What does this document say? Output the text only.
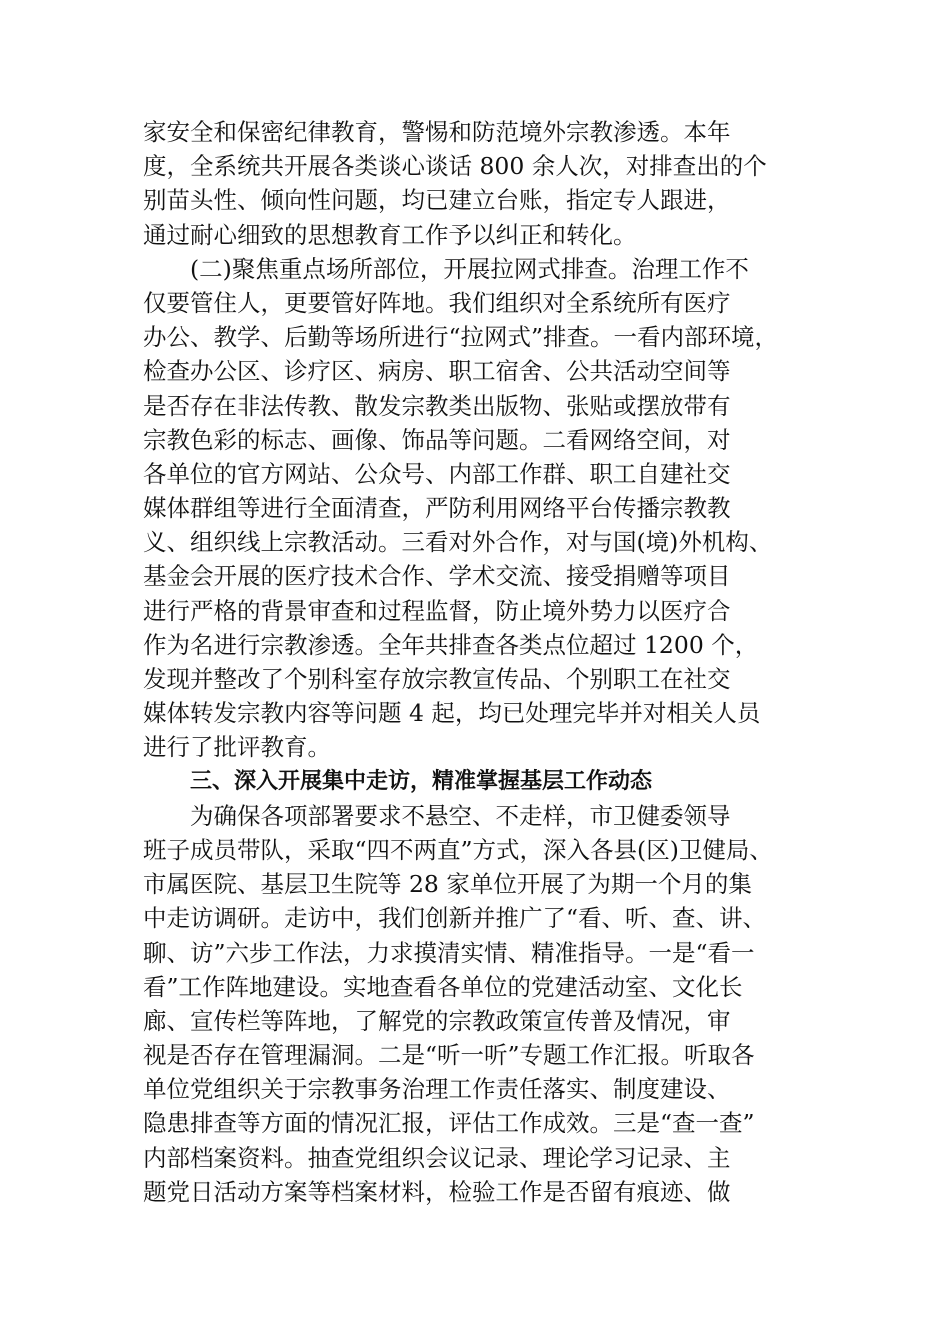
家安全和保密纪律教育，警惕和防范境外宗教渗透。本年
度，全系统共开展各类谈心谈话 800 余人次，对排查出的个
别苗头性、倾向性问题，均已建立台账，指定专人跟进，
通过耐心细致的思想教育工作予以纠正和转化。
(二)聚焦重点场所部位，开展拉网式排查。治理工作不
仅要管住人，更要管好阵地。我们组织对全系统所有医疗
办公、教学、后勤等场所进行“拉网式”排查。一看内部环境，
检查办公区、诊疗区、病房、职工宿舍、公共活动空间等
是否存在非法传教、散发宗教类出版物、张贴或摆放带有
宗教色彩的标志、画像、饰品等问题。二看网络空间，对
各单位的官方网站、公众号、内部工作群、职工自建社交
媒体群组等进行全面清查，严防利用网络平台传播宗教教
义、组织线上宗教活动。三看对外合作，对与国(境)外机构、
基金会开展的医疗技术合作、学术交流、接受捐赠等项目
进行严格的背景审查和过程监督，防止境外势力以医疗合
作为名进行宗教渗透。全年共排查各类点位超过 1200 个，
发现并整改了个别科室存放宗教宣传品、个别职工在社交
媒体转发宗教内容等问题 4 起，均已处理完毕并对相关人员
进行了批评教育。
三、深入开展集中走访，精准掌握基层工作动态
为确保各项部署要求不悬空、不走样，市卫健委领导
班子成员带队，采取“四不两直”方式，深入各县(区)卫健局、
市属医院、基层卫生院等 28 家单位开展了为期一个月的集
中走访调研。走访中，我们创新并推广了“看、听、查、讲、
聊、访”六步工作法，力求摸清实情、精准指导。一是“看一
看”工作阵地建设。实地查看各单位的党建活动室、文化长
廊、宣传栏等阵地，了解党的宗教政策宣传普及情况，审
视是否存在管理漏洞。二是“听一听”专题工作汇报。听取各
单位党组织关于宗教事务治理工作责任落实、制度建设、
隐患排查等方面的情况汇报，评估工作成效。三是“查一查”
内部档案资料。抽查党组织会议记录、理论学习记录、主
题党日活动方案等档案材料，检验工作是否留有痕迹、做
